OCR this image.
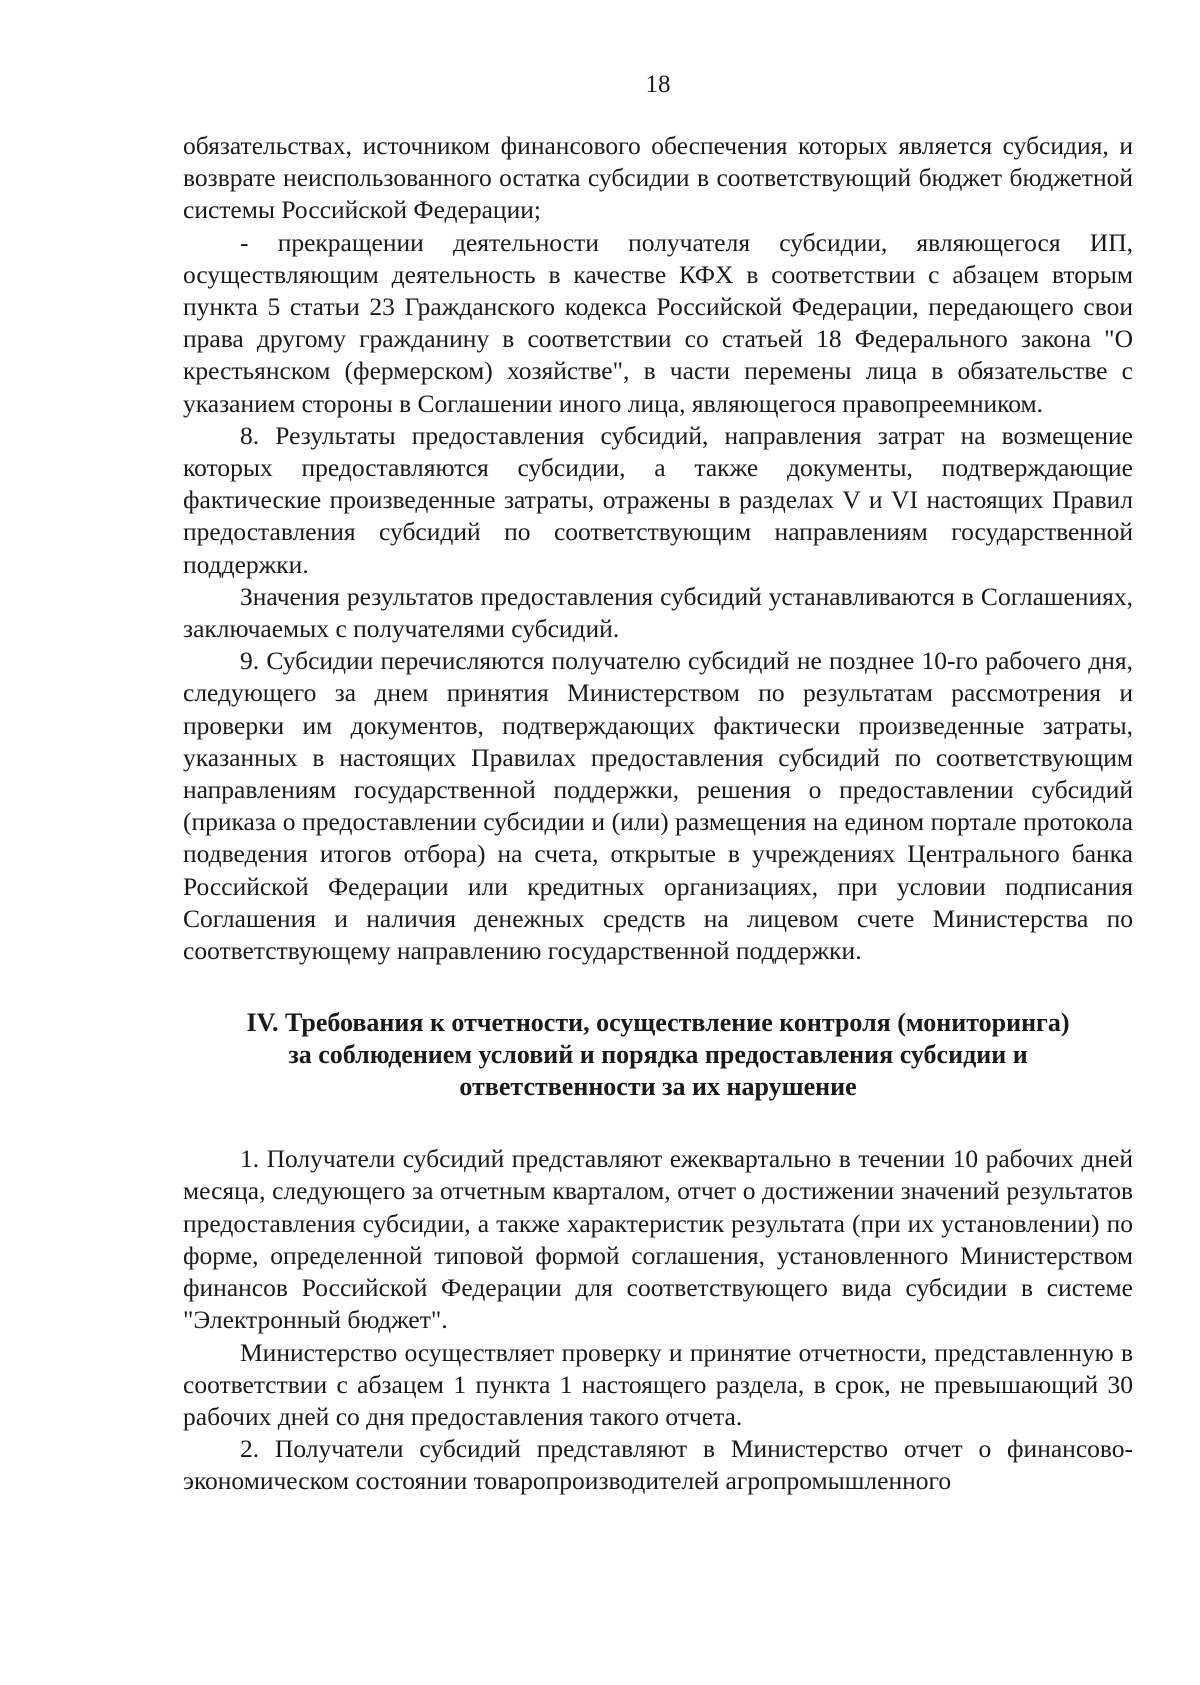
18

обязательствах, источником финансового обеспечения которых является субсидия, и возврате неиспользованного остатка субсидии в соответствующий бюджет бюджетной системы Российской Федерации;

- прекращении деятельности получателя субсидии, являющегося ИП, осуществляющим деятельность в качестве КФХ в соответствии с абзацем вторым пункта 5 статьи 23 Гражданского кодекса Российской Федерации, передающего свои права другому гражданину в соответствии со статьей 18 Федерального закона "О крестьянском (фермерском) хозяйстве", в части перемены лица в обязательстве с указанием стороны в Соглашении иного лица, являющегося правопреемником.

8. Результаты предоставления субсидий, направления затрат на возмещение которых предоставляются субсидии, а также документы, подтверждающие фактические произведенные затраты, отражены в разделах V и VI настоящих Правил предоставления субсидий по соответствующим направлениям государственной поддержки.

Значения результатов предоставления субсидий устанавливаются в Соглашениях, заключаемых с получателями субсидий.

9. Субсидии перечисляются получателю субсидий не позднее 10-го рабочего дня, следующего за днем принятия Министерством по результатам рассмотрения и проверки им документов, подтверждающих фактически произведенные затраты, указанных в настоящих Правилах предоставления субсидий по соответствующим направлениям государственной поддержки, решения о предоставлении субсидий (приказа о предоставлении субсидии и (или) размещения на едином портале протокола подведения итогов отбора) на счета, открытые в учреждениях Центрального банка Российской Федерации или кредитных организациях, при условии подписания Соглашения и наличия денежных средств на лицевом счете Министерства по соответствующему направлению государственной поддержки.

IV. Требования к отчетности, осуществление контроля (мониторинга)
за соблюдением условий и порядка предоставления субсидии и
ответственности за их нарушение

1. Получатели субсидий представляют ежеквартально в течении 10 рабочих дней месяца, следующего за отчетным кварталом, отчет о достижении значений результатов предоставления субсидии, а также характеристик результата (при их установлении) по форме, определенной типовой формой соглашения, установленного Министерством финансов Российской Федерации для соответствующего вида субсидии в системе "Электронный бюджет".

Министерство осуществляет проверку и принятие отчетности, представленную в соответствии с абзацем 1 пункта 1 настоящего раздела, в срок, не превышающий 30 рабочих дней со дня предоставления такого отчета.

2. Получатели субсидий представляют в Министерство отчет о финансово-экономическом состоянии товаропроизводителей агропромышленного
